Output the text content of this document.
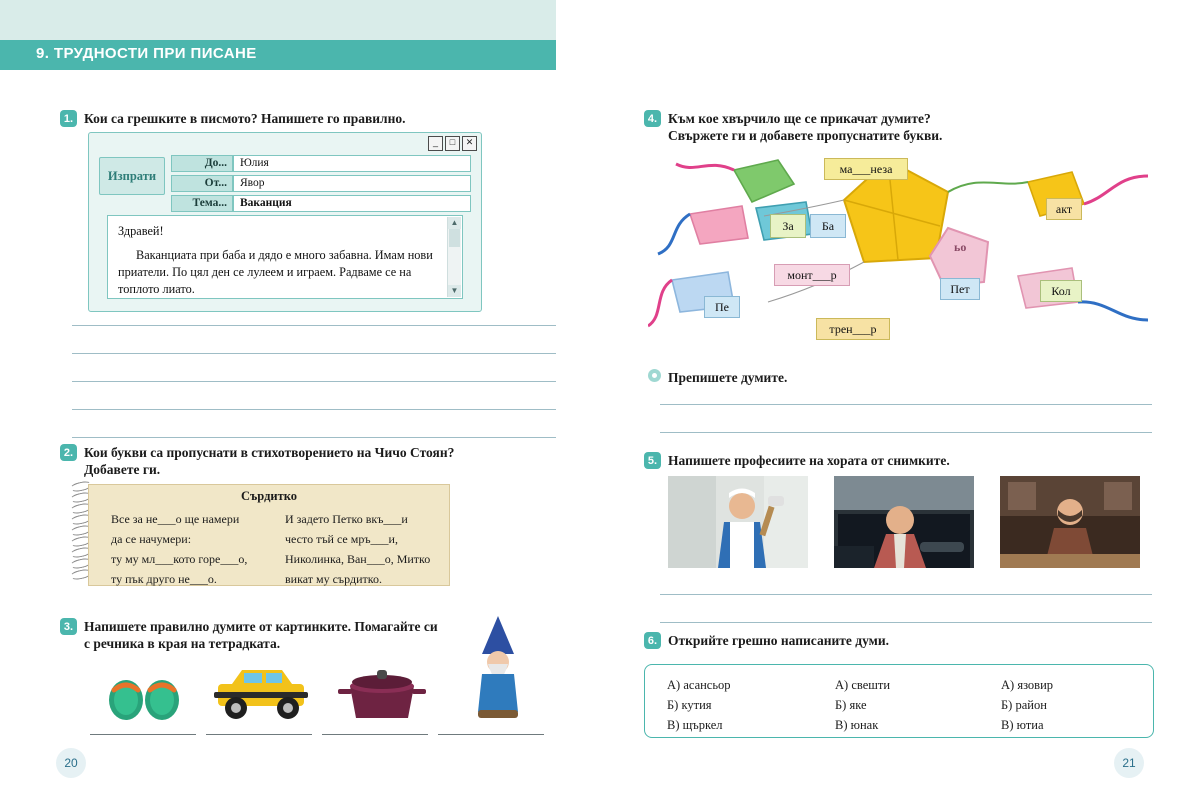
9. ТРУДНОСТИ ПРИ ПИСАНЕ
1. Кои са грешките в писмото? Напишете го правилно.
_	□	✕
Изпрати
До...	Юлия
От...	Явор
Тема...	Ваканция

Здравей!

Ваканциата при баба и дядо е много забавна. Имам нови приатели. По цял ден се лулеем и играем. Радваме се на топлото лиато.

▲
▼
2. Кои букви са пропуснати в стихотворението на Чичо Стоян?
Добавете ги.
Сърдитко
Все за не___о ще намери
да се начумери:
ту му мл___кото горе___о,
ту пък друго не___о.
И задето Петко вкъ___и
често тъй се мръ___и,
Николинка, Ван___о, Митко
викат му сърдитко.
3. Напишете правилно думите от картинките. Помагайте си
с речника в края на тетрадката.
4. Към кое хвърчило ще се прикачат думите?
Свържете ги и добавете пропуснатите букви.
ьо
ма___неза
За	Ба
акт
монт___р
Пет	Кол
Пе
трен___р
Препишете думите.
5. Напишете професиите на хората от снимките.
6. Открийте грешно написаните думи.
А) асансьор
Б) кутия
В) щъркел
А) свешти
Б) яке
В) юнак
А) язовир
Б) район
В) ютиа
20	21
